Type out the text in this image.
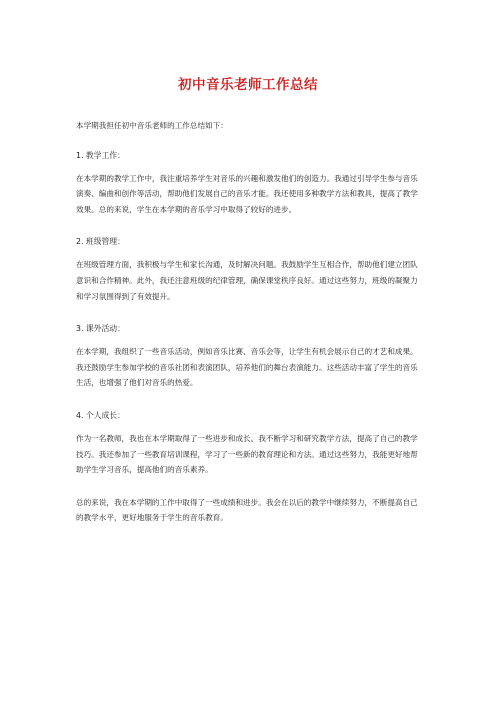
初中音乐老师工作总结

本学期我担任初中音乐老师的工作总结如下：

1. 教学工作：

在本学期的教学工作中，我注重培养学生对音乐的兴趣和激发他们的创造力。我通过引导学生参与音乐演奏、编曲和创作等活动，帮助他们发展自己的音乐才能。我还使用多种教学方法和教具，提高了教学效果。总的来说，学生在本学期的音乐学习中取得了较好的进步。

2. 班级管理：

在班级管理方面，我积极与学生和家长沟通，及时解决问题。我鼓励学生互相合作，帮助他们建立团队意识和合作精神。此外，我还注意班级的纪律管理，确保课堂秩序良好。通过这些努力，班级的凝聚力和学习氛围得到了有效提升。

3. 课外活动：

在本学期，我组织了一些音乐活动，例如音乐比赛、音乐会等，让学生有机会展示自己的才艺和成果。我还鼓励学生参加学校的音乐社团和表演团队，培养他们的舞台表演能力。这些活动丰富了学生的音乐生活，也增强了他们对音乐的热爱。

4. 个人成长：

作为一名教师，我也在本学期取得了一些进步和成长。我不断学习和研究教学方法，提高了自己的教学技巧。我还参加了一些教育培训课程，学习了一些新的教育理论和方法。通过这些努力，我能更好地帮助学生学习音乐，提高他们的音乐素养。

总的来说，我在本学期的工作中取得了一些成绩和进步。我会在以后的教学中继续努力，不断提高自己的教学水平，更好地服务于学生的音乐教育。
